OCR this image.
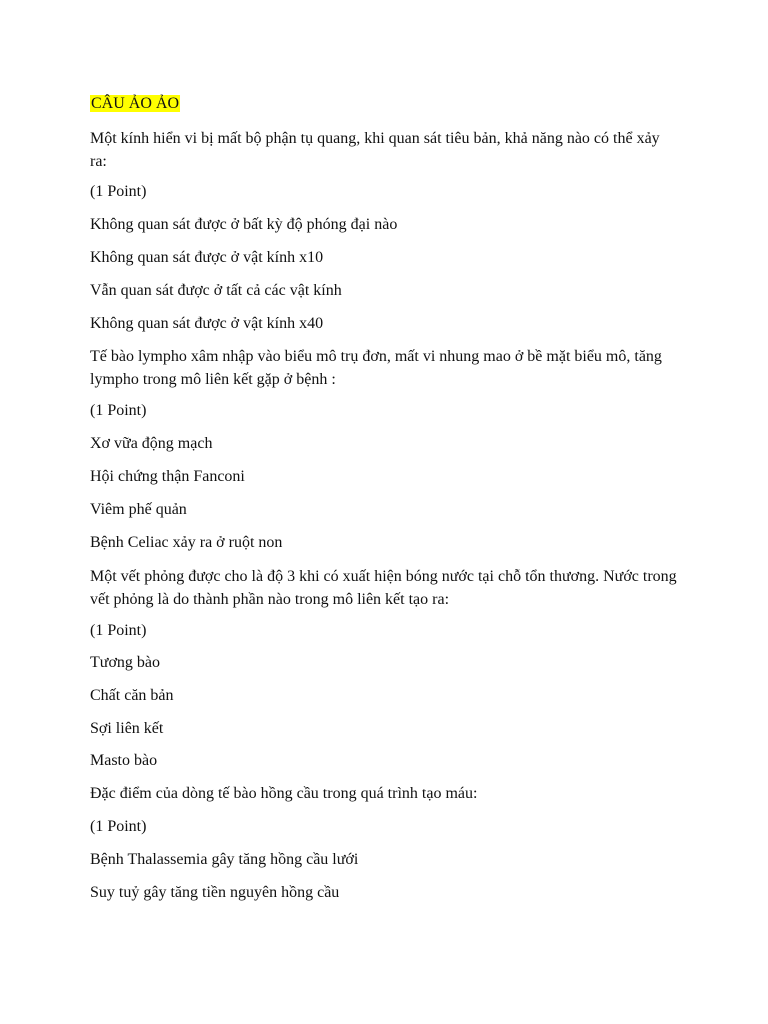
CÂU ẢO ẢO
Một kính hiển vi bị mất bộ phận tụ quang, khi quan sát tiêu bản, khả năng nào có thể xảy ra:
(1 Point)
Không quan sát được ở bất kỳ độ phóng đại nào
Không quan sát được ở vật kính x10
Vẫn quan sát được ở tất cả các vật kính
Không quan sát được ở vật kính x40
Tế bào lympho xâm nhập vào biểu mô trụ đơn, mất vi nhung mao ở bề mặt biểu mô, tăng lympho trong mô liên kết gặp ở bệnh :
(1 Point)
Xơ vữa động mạch
Hội chứng thận Fanconi
Viêm phế quản
Bệnh Celiac xảy ra ở ruột non
Một vết phỏng được cho là độ 3 khi có xuất hiện bóng nước tại chỗ tổn thương. Nước trong vết phỏng là do thành phần nào trong mô liên kết tạo ra:
(1 Point)
Tương bào
Chất căn bản
Sợi liên kết
Masto bào
Đặc điểm của dòng tế bào hồng cầu trong quá trình tạo máu:
(1 Point)
Bệnh Thalassemia gây tăng hồng cầu lưới
Suy tuỷ gây tăng tiền nguyên hồng cầu
